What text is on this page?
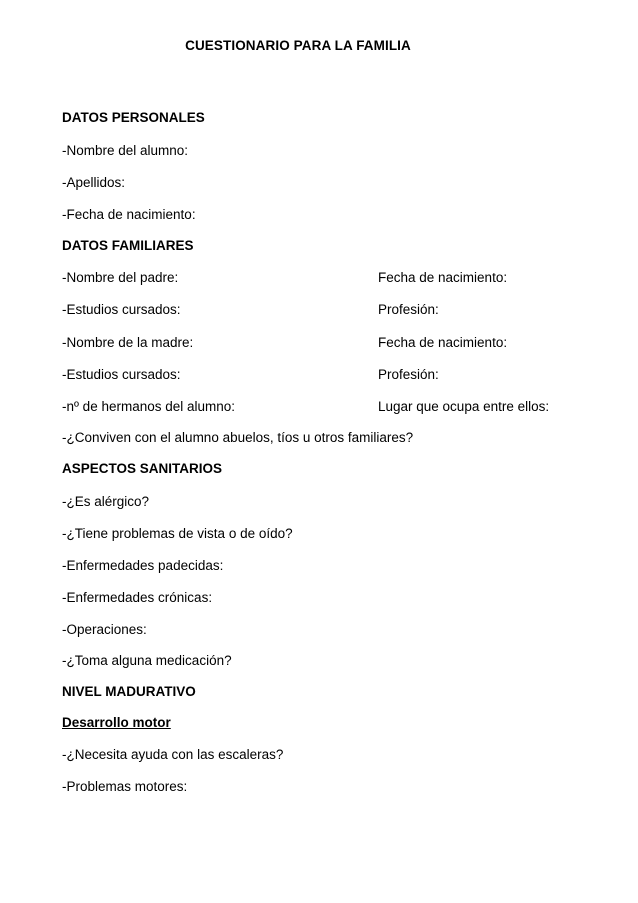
CUESTIONARIO PARA LA FAMILIA
DATOS PERSONALES
-Nombre del alumno:
-Apellidos:
-Fecha de nacimiento:
DATOS FAMILIARES
-Nombre del padre:	Fecha de nacimiento:
-Estudios cursados:	Profesión:
-Nombre de la madre:	Fecha de nacimiento:
-Estudios cursados:	Profesión:
-nº de hermanos del alumno:	Lugar que ocupa entre ellos:
-¿Conviven con el alumno abuelos, tíos u otros familiares?
ASPECTOS SANITARIOS
-¿Es alérgico?
-¿Tiene problemas de vista o de oído?
-Enfermedades padecidas:
-Enfermedades crónicas:
-Operaciones:
-¿Toma alguna medicación?
NIVEL MADURATIVO
Desarrollo motor
-¿Necesita ayuda con las escaleras?
-Problemas motores:
